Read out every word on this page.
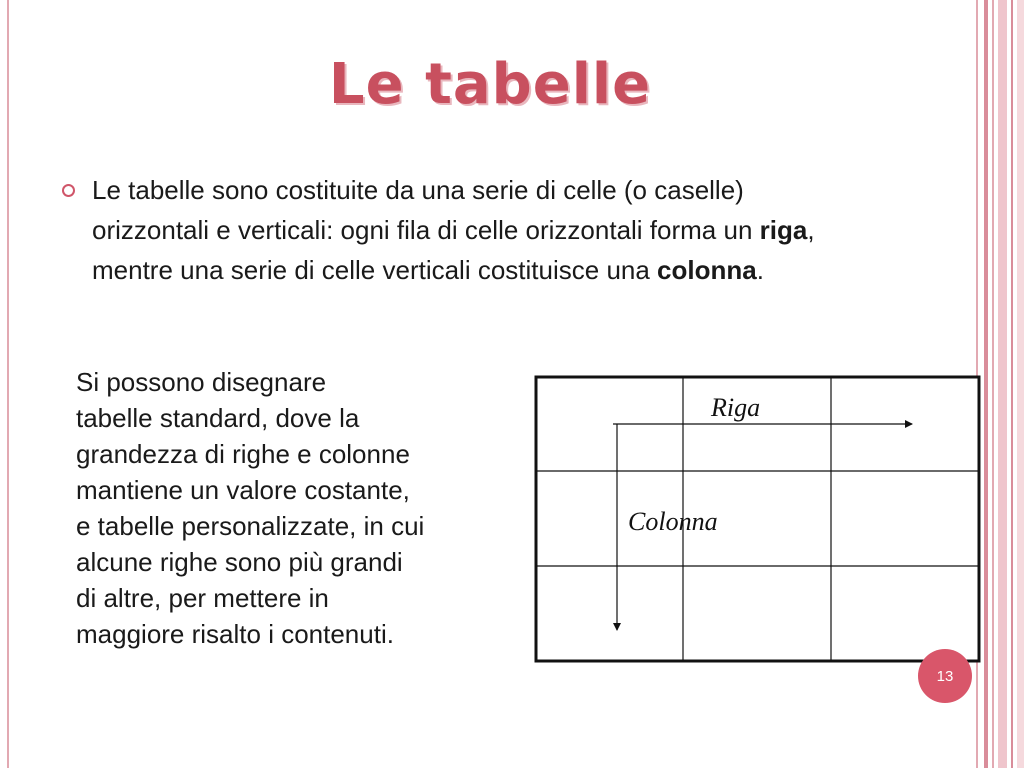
Le tabelle

Le tabelle sono costituite da una serie di celle (o caselle) orizzontali e verticali: ogni fila di celle orizzontali forma un riga, mentre una serie di celle verticali costituisce una colonna.

Si possono disegnare
tabelle standard, dove la
grandezza di righe e colonne
mantiene un valore costante,
e tabelle personalizzate, in cui
alcune righe sono più grandi
di altre, per mettere in
maggiore risalto i contenuti.

Riga
Colonna
13
